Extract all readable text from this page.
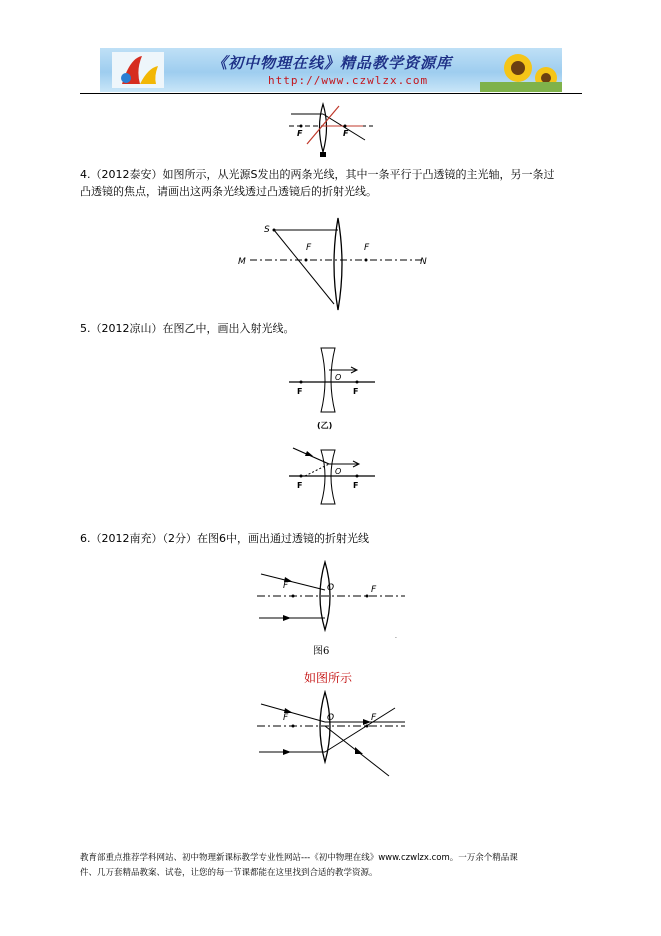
《初中物理在线》精品教学资源库
http://www.czwlzx.com
F	F
4.（2012泰安）如图所示，从光源S发出的两条光线，其中一条平行于凸透镜的主光轴，另一条过
凸透镜的焦点，请画出这两条光线透过凸透镜后的折射光线。
S
F	F
M	N
5.（2012凉山）在图乙中，画出入射光线。
O
F	F
(乙)
O
F	F
6.（2012南充）（2分）在图6中，画出通过透镜的折射光线
F	O	F
·
图6
如图所示
F	O	F
教育部重点推荐学科网站、初中物理新课标教学专业性网站---《初中物理在线》www.czwlzx.com。一万余个精品课
件、几万套精品教案、试卷，让您的每一节课都能在这里找到合适的教学资源。
